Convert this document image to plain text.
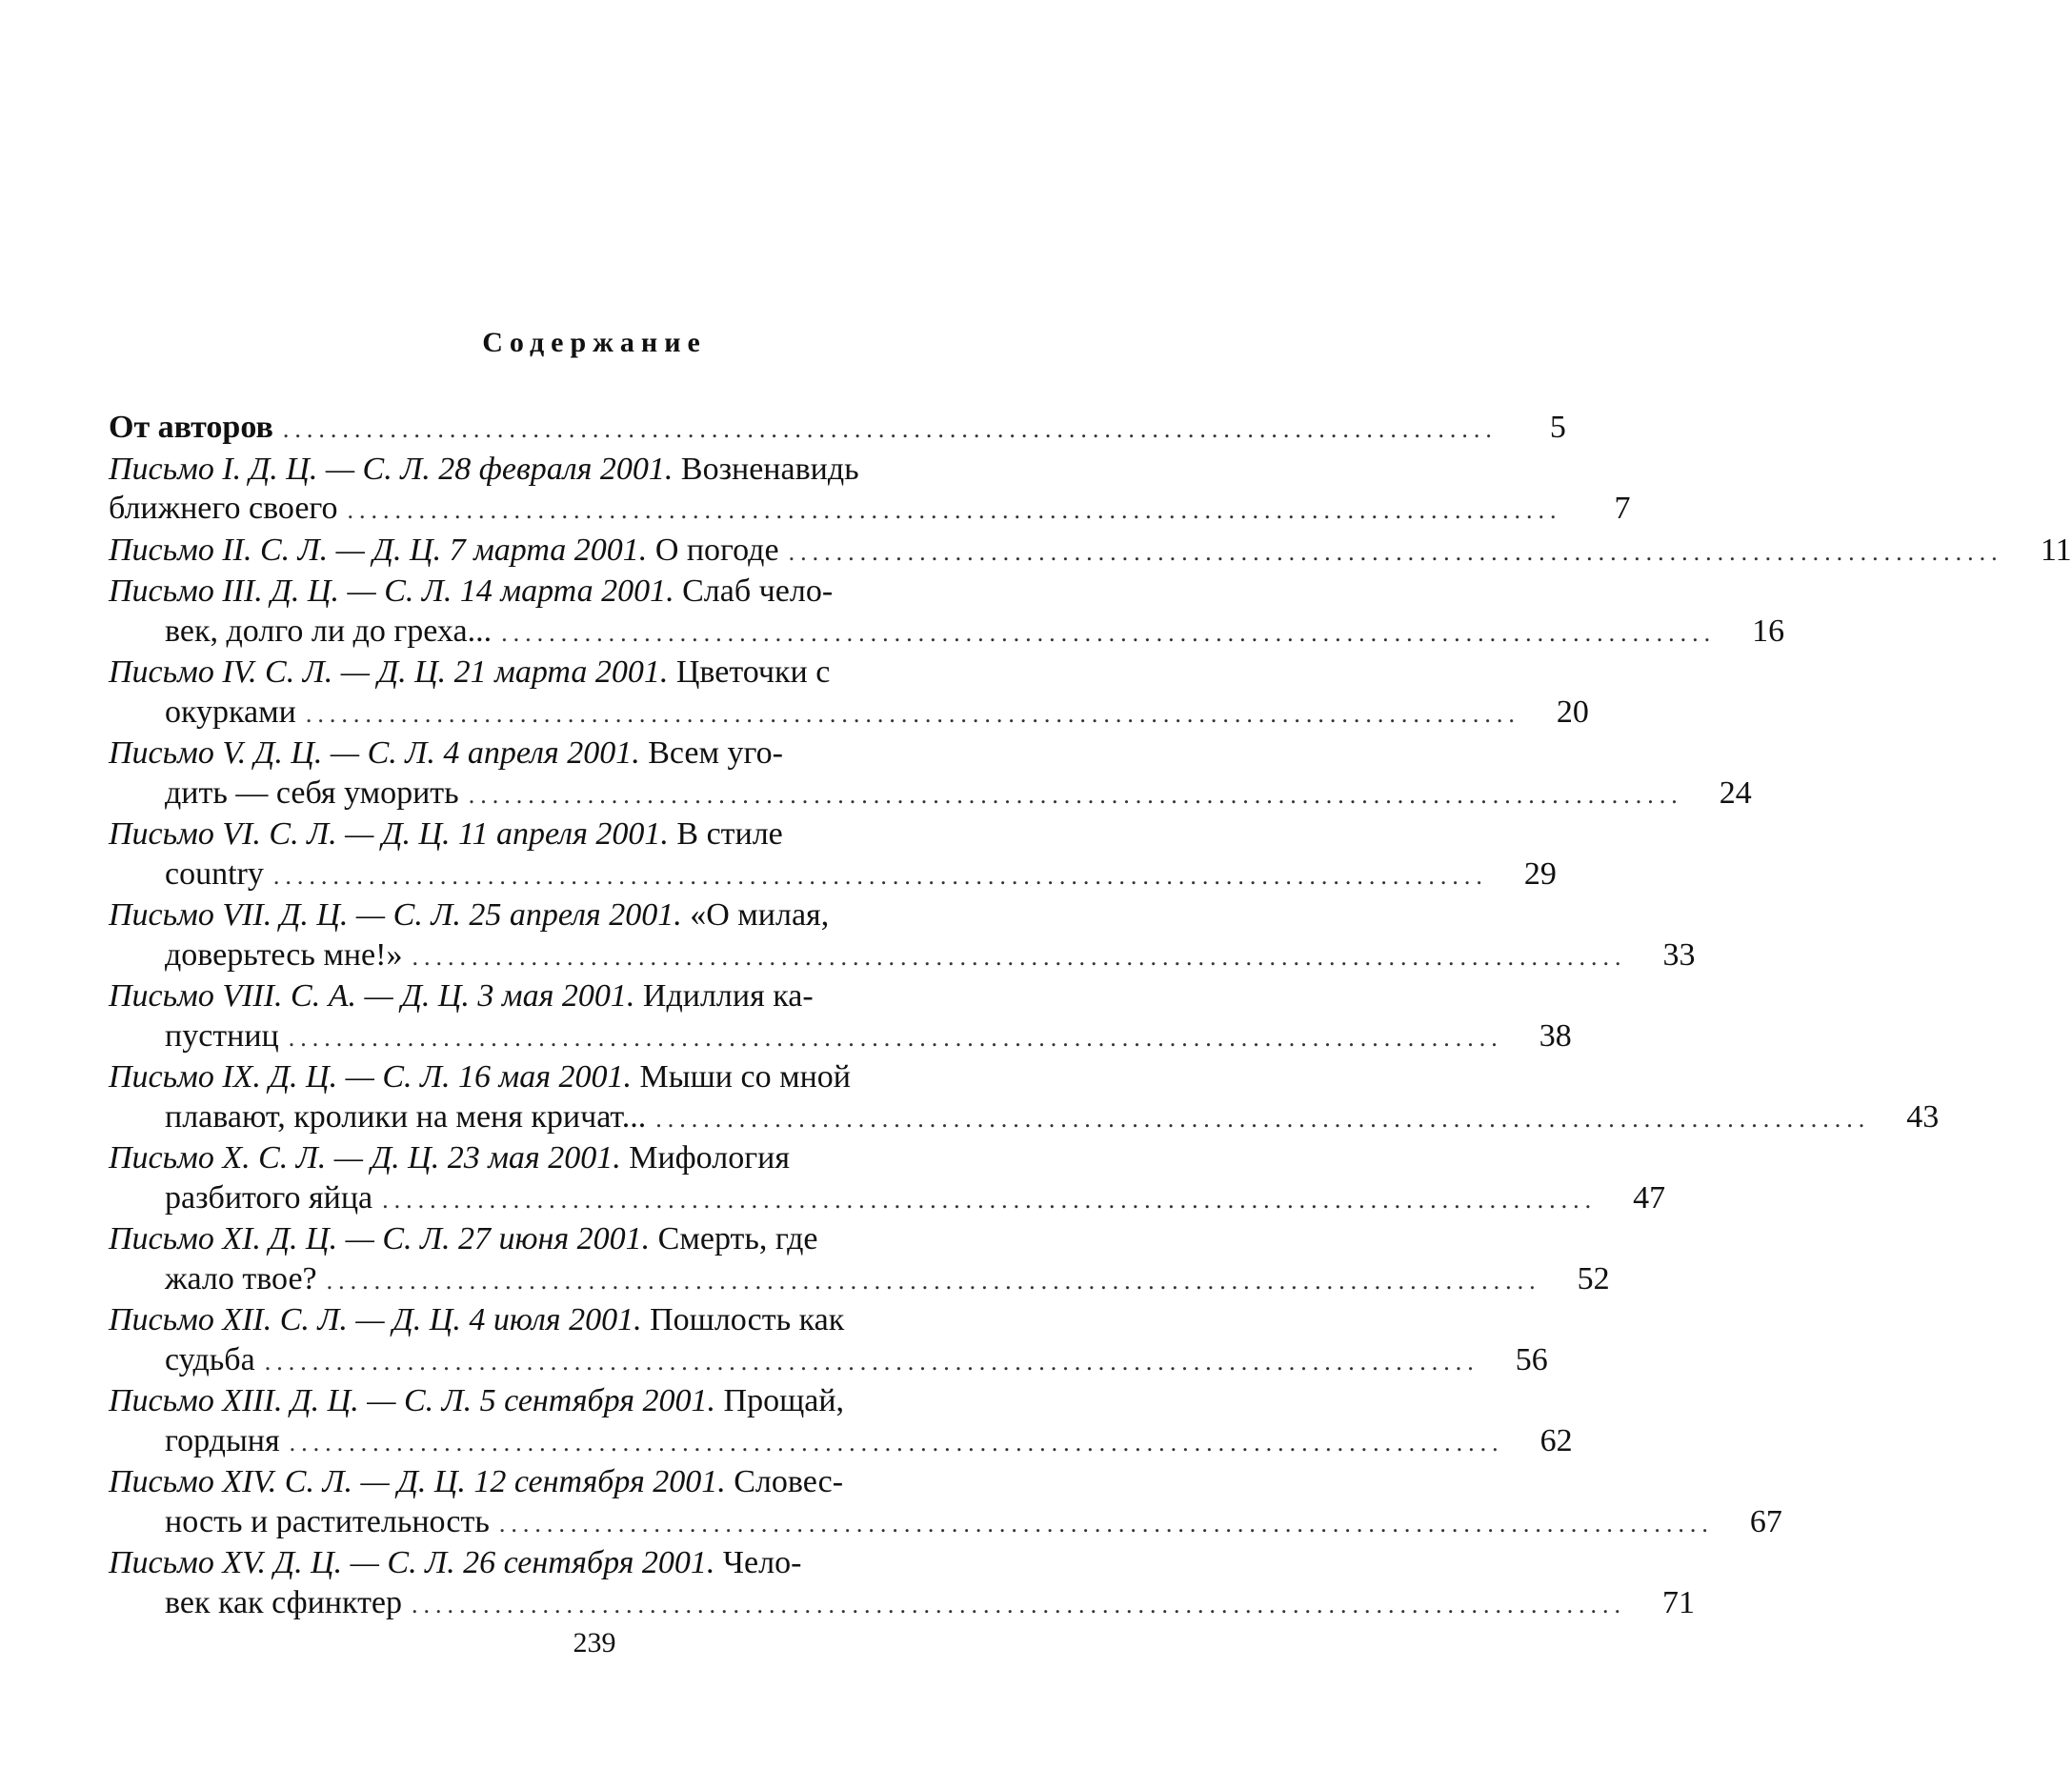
Содержание
От авторов ......................................................................................................	5
Письмо I. Д. Ц. — С. Л. 28 февраля 2001. Возненавидь
ближнего своего ......................................................................................................	7
Письмо II. С. Л. — Д. Ц. 7 марта 2001. О погоде ......................................................................................................	11
Письмо III. Д. Ц. — С. Л. 14 марта 2001. Слаб чело-
век, долго ли до греха... ......................................................................................................	16
Письмо IV. С. Л. — Д. Ц. 21 марта 2001. Цветочки с
окурками ......................................................................................................	20
Письмо V. Д. Ц. — С. Л. 4 апреля 2001. Всем уго-
дить — себя уморить ......................................................................................................	24
Письмо VI. С. Л. — Д. Ц. 11 апреля 2001. В стиле
country ......................................................................................................	29
Письмо VII. Д. Ц. — С. Л. 25 апреля 2001. «О милая,
доверьтесь мне!» ......................................................................................................	33
Письмо VIII. С. А. — Д. Ц. 3 мая 2001. Идиллия ка-
пустниц ......................................................................................................	38
Письмо IX. Д. Ц. — С. Л. 16 мая 2001. Мыши со мной
плавают, кролики на меня кричат... ......................................................................................................	43
Письмо X. С. Л. — Д. Ц. 23 мая 2001. Мифология
разбитого яйца ......................................................................................................	47
Письмо XI. Д. Ц. — С. Л. 27 июня 2001. Смерть, где
жало твое? ......................................................................................................	52
Письмо XII. С. Л. — Д. Ц. 4 июля 2001. Пошлость как
судьба ......................................................................................................	56
Письмо XIII. Д. Ц. — С. Л. 5 сентября 2001. Прощай,
гордыня ......................................................................................................	62
Письмо XIV. С. Л. — Д. Ц. 12 сентября 2001. Словес-
ность и растительность ......................................................................................................	67
Письмо XV. Д. Ц. — С. Л. 26 сентября 2001. Чело-
век как сфинктер ......................................................................................................	71
239
